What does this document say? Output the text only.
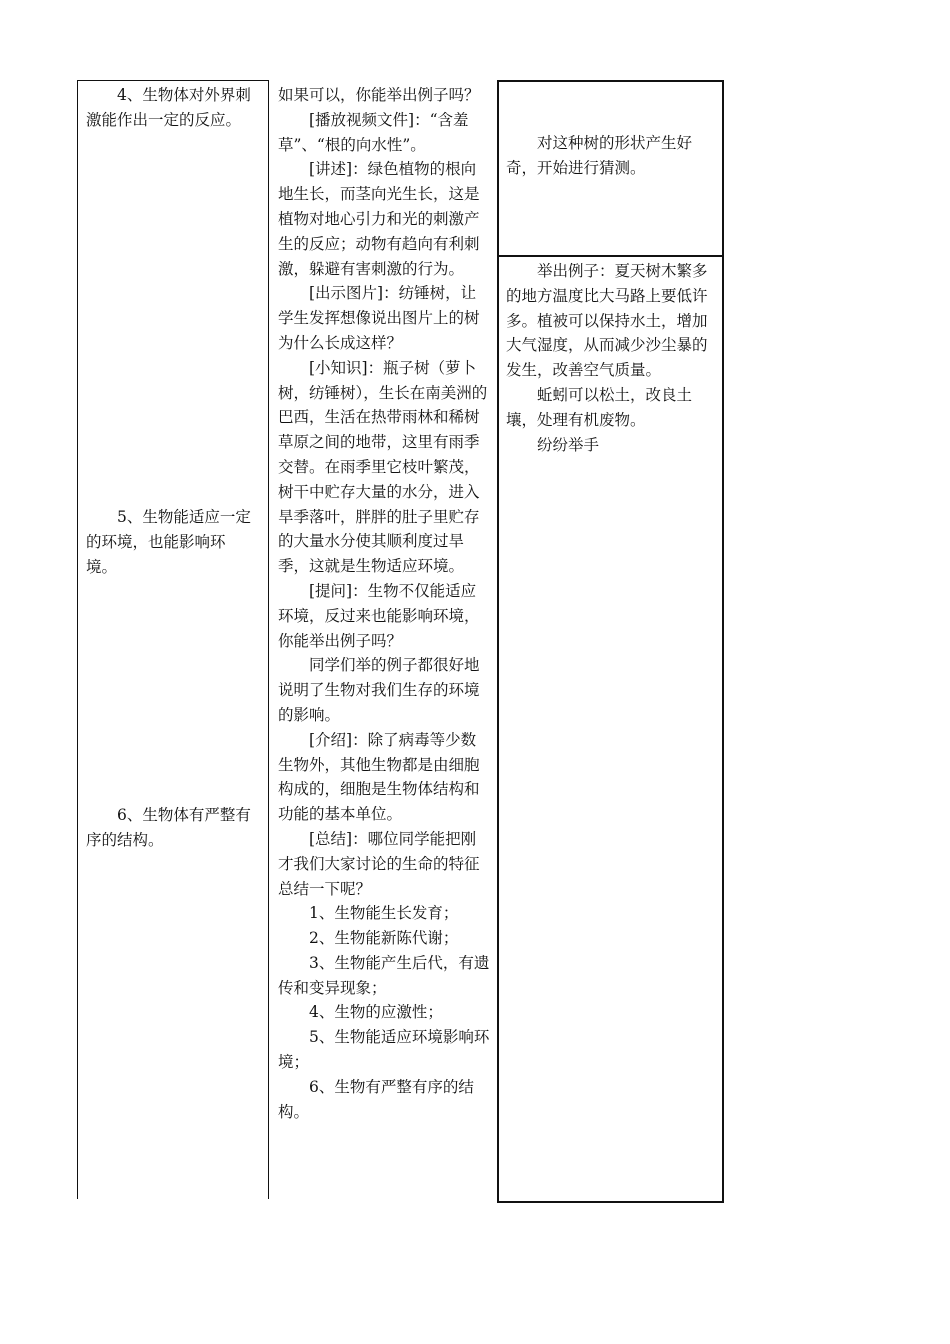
4、生物体对外界刺激能作出一定的反应。

5、生物能适应一定的环境，也能影响环境。

6、生物体有严整有序的结构。

如果可以，你能举出例子吗？

[播放视频文件]：“含羞草”、“根的向水性”。

[讲述]：绿色植物的根向地生长，而茎向光生长，这是植物对地心引力和光的刺激产生的反应；动物有趋向有利刺激，躲避有害刺激的行为。

[出示图片]：纺锤树，让学生发挥想像说出图片上的树为什么长成这样？

[小知识]：瓶子树（萝卜树，纺锤树），生长在南美洲的巴西，生活在热带雨林和稀树草原之间的地带，这里有雨季交替。在雨季里它枝叶繁茂，树干中贮存大量的水分，进入旱季落叶，胖胖的肚子里贮存的大量水分使其顺利度过旱季，这就是生物适应环境。

[提问]：生物不仅能适应环境，反过来也能影响环境，你能举出例子吗？

同学们举的例子都很好地说明了生物对我们生存的环境的影响。

[介绍]：除了病毒等少数生物外，其他生物都是由细胞构成的，细胞是生物体结构和功能的基本单位。

[总结]：哪位同学能把刚才我们大家讨论的生命的特征总结一下呢？

1、生物能生长发育；

2、生物能新陈代谢；

3、生物能产生后代，有遗传和变异现象；

4、生物的应激性；

5、生物能适应环境影响环境；

6、生物有严整有序的结构。

对这种树的形状产生好奇，开始进行猜测。

举出例子：夏天树木繁多的地方温度比大马路上要低许多。植被可以保持水土，增加大气湿度，从而减少沙尘暴的发生，改善空气质量。

蚯蚓可以松土，改良土壤，处理有机废物。

纷纷举手
